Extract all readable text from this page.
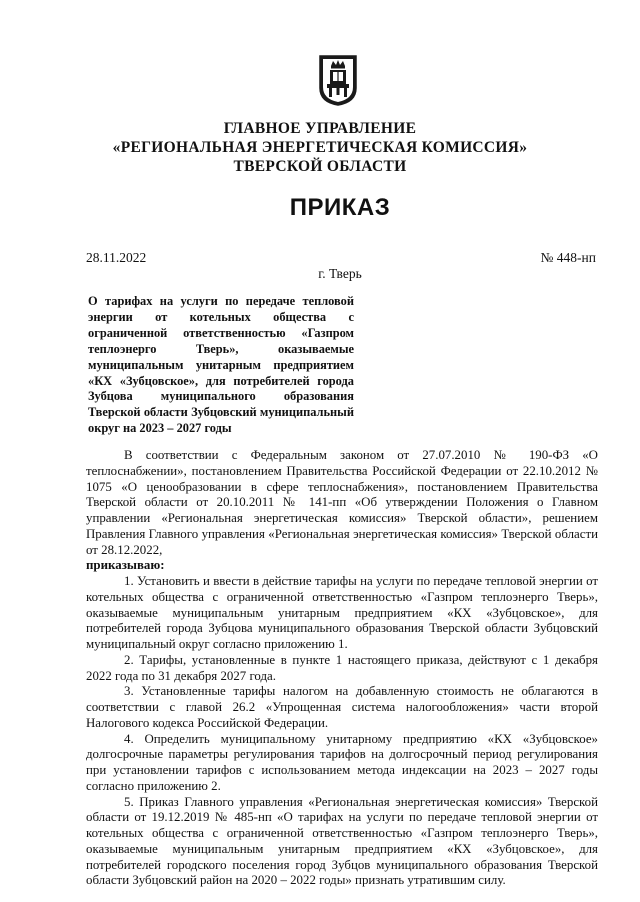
ГЛАВНОЕ УПРАВЛЕНИЕ
«РЕГИОНАЛЬНАЯ ЭНЕРГЕТИЧЕСКАЯ КОМИССИЯ»
ТВЕРСКОЙ ОБЛАСТИ
ПРИКАЗ
28.11.2022	№ 448-нп
г. Тверь
О тарифах на услуги по передаче тепловой энергии от котельных общества с ограниченной ответственностью «Газпром теплоэнерго Тверь», оказываемые муниципальным унитарным предприятием «КХ «Зубцовское», для потребителей города Зубцова муниципального образования Тверской области Зубцовский муниципальный округ на 2023 – 2027 годы

В соответствии с Федеральным законом от 27.07.2010 № 190-ФЗ «О теплоснабжении», постановлением Правительства Российской Федерации от 22.10.2012 № 1075 «О ценообразовании в сфере теплоснабжения», постановлением Правительства Тверской области от 20.10.2011 № 141-пп «Об утверждении Положения о Главном управлении «Региональная энергетическая комиссия» Тверской области», решением Правления Главного управления «Региональная энергетическая комиссия» Тверской области от 28.12.2022,

приказываю:

1. Установить и ввести в действие тарифы на услуги по передаче тепловой энергии от котельных общества с ограниченной ответственностью «Газпром теплоэнерго Тверь», оказываемые муниципальным унитарным предприятием «КХ «Зубцовское», для потребителей города Зубцова муниципального образования Тверской области Зубцовский муниципальный округ согласно приложению 1.

2. Тарифы, установленные в пункте 1 настоящего приказа, действуют с 1 декабря 2022 года по 31 декабря 2027 года.

3. Установленные тарифы налогом на добавленную стоимость не облагаются в соответствии с главой 26.2 «Упрощенная система налогообложения» части второй Налогового кодекса Российской Федерации.

4. Определить муниципальному унитарному предприятию «КХ «Зубцовское» долгосрочные параметры регулирования тарифов на долгосрочный период регулирования при установлении тарифов с использованием метода индексации на 2023 – 2027 годы согласно приложению 2.

5. Приказ Главного управления «Региональная энергетическая комиссия» Тверской области от 19.12.2019 № 485-нп «О тарифах на услуги по передаче тепловой энергии от котельных общества с ограниченной ответственностью «Газпром теплоэнерго Тверь», оказываемые муниципальным унитарным предприятием «КХ «Зубцовское», для потребителей городского поселения город Зубцов муниципального образования Тверской области Зубцовский район на 2020 – 2022 годы» признать утратившим силу.
